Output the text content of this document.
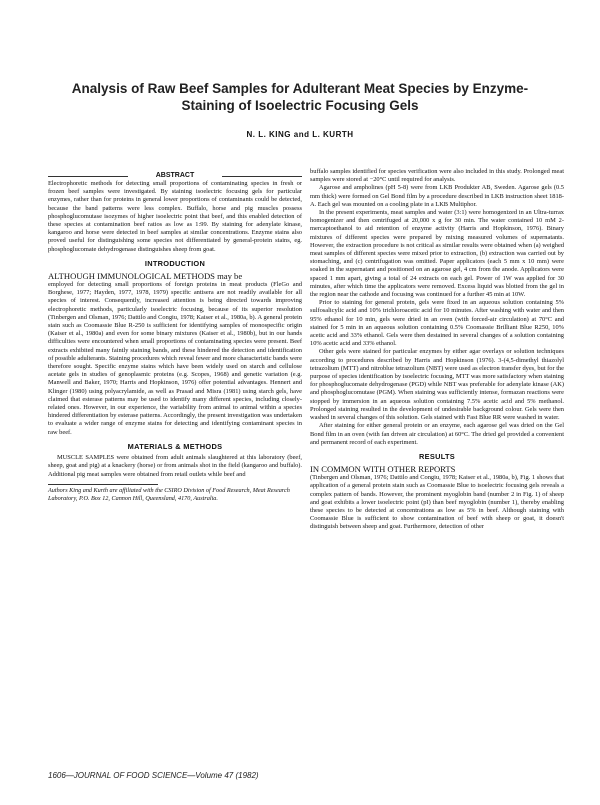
Analysis of Raw Beef Samples for Adulterant Meat Species by Enzyme-
Staining of Isoelectric Focusing Gels
N. L. KING and L. KURTH
ABSTRACT

Electrophoretic methods for detecting small proportions of contaminating species in fresh or frozen beef samples were investigated. By staining isoelectric focusing gels for particular enzymes, rather than for proteins in general lower proportions of contaminants could be detected, because the band patterns were less complex. Buffalo, horse and pig muscles possess phosphoglucomutase isozymes of higher isoelectric point that beef, and this enabled detection of these species at contamination beef ratios as low as 1:99. By staining for adenylate kinase, kangaroo and horse were detected in beef samples at similar concentrations. Enzyme stains also proved useful for distinguishing some species not differentiated by general-protein stains, eg. phosphoglucomate dehydrogenase distinguishes sheep from goat.

INTRODUCTION

ALTHOUGH IMMUNOLOGICAL METHODS may be

employed for detecting small proportions of foreign proteins in meat products (FleGo and Borghese, 1977; Hayden, 1977, 1978, 1979) specific antisera are not readily available for all species of interest. Consequently, increased attention is being directed towards improving electrophoretic methods, particularly isoelectric focusing, because of its superior resolution (Tinbergen and Olsman, 1976; Dattilo and Congiu, 1978; Kaiser et al., 1980a, b). A general protein stain such as Coomassie Blue R-250 is sufficient for identifying samples of monospecific origin (Kaiser et al., 1980a) and even for some binary mixtures (Kaiser et al., 1980b), but in our hands difficulties were encountered when small proportions of contaminating species were present. Beef extracts exhibited many faintly staining bands, and these hindered the detection and identification of possible adulterants. Staining procedures which reveal fewer and more characteristic bands were therefore sought. Specific enzyme stains which have been widely used on starch and cellulose acetate gels in studies of genoplasmic proteins (e.g. Scopes, 1968) and genetic variation (e.g. Manwell and Baker, 1970; Harris and Hopkinson, 1976) offer potential advantages. Hennert and Klinger (1980) using polyacrylamide, as well as Prasad and Misra (1981) using starch gels, have claimed that esterase patterns may be used to identify many different species, including closely-related ones. However, in our experience, the variability from animal to animal within a species hindered differentiation by esterase patterns. Accordingly, the present investigation was undertaken to evaluate a wider range of enzyme stains for detecting and identifying contaminant species in raw beef.

MATERIALS & METHODS

MUSCLE SAMPLES were obtained from adult animals slaughtered at this laboratory (beef, sheep, goat and pig) at a knackery (horse) or from animals shot in the field (kangaroo and buffalo). Additional pig meat samples were obtained from retail outlets while beef and

Authors King and Kurth are affiliated with the CSIRO Division of Food Research, Meat Research Laboratory, P.O. Box 12, Cannon Hill, Queensland, 4170, Australia.

buffalo samples identified for species verification were also included in this study. Prolonged meat samples were stored at −20°C until required for analysis.

Agarose and ampholines (pH 5-8) were from LKB Produkter AB, Sweden. Agarose gels (0.5 mm thick) were formed on Gel Bond film by a procedure described in LKB instruction sheet 1818-A. Each gel was mounted on a cooling plate in a LKB Multiphor.

In the present experiments, meat samples and water (3:1) were homogenized in an Ultra-turrax homogenizer and then centrifuged at 20,000 x g for 30 min. The water contained 10 mM 2-mercaptoethanol to aid retention of enzyme activity (Harris and Hopkinson, 1976). Binary mixtures of different species were prepared by mixing measured volumes of supernatants. However, the extraction procedure is not critical as similar results were obtained when (a) weighed meat samples of different species were mixed prior to extraction, (b) extraction was carried out by stomaching, and (c) centrifugation was omitted. Paper applicators (each 5 mm x 10 mm) were soaked in the supernatant and positioned on an agarose gel, 4 cm from the anode. Applicators were spaced 1 mm apart, giving a total of 24 extracts on each gel. Power of 1W was applied for 30 minutes, after which time the applicators were removed. Excess liquid was blotted from the gel in the region near the cathode and focusing was continued for a further 45 min at 10W.

Prior to staining for general protein, gels were fixed in an aqueous solution containing 5% sulfosalicylic acid and 10% trichloroacetic acid for 10 minutes. After washing with water and then 95% ethanol for 10 min, gels were dried in an oven (with forced-air circulation) at 70°C and stained for 5 min in an aqueous solution containing 0.5% Coomassie Brilliant Blue R250, 10% acetic acid and 33% ethanol. Gels were then destained in several changes of a solution containing 10% acetic acid and 33% ethanol.

Other gels were stained for particular enzymes by either agar overlays or solution techniques according to procedures described by Harris and Hopkinson (1976). 3-(4,5-dimethyl thiazolyl tetrazolium (MTT) and nitroblue tetrazolium (NBT) were used as electron transfer dyes, but for the purpose of species identification by isoelectric focusing, MTT was more satisfactory when staining for phosphoglucomate dehydrogenase (PGD) while NBT was preferable for adenylate kinase (AK) and phosphoglucomutase (PGM). When staining was sufficiently intense, formazan reactions were stopped by immersion in an aqueous solution containing 7.5% acetic acid and 5% methanol. Prolonged staining resulted in the development of undesirable background colour. Gels were then washed in several changes of this solution. Gels stained with Fast Blue RR were washed in water.

After staining for either general protein or an enzyme, each agarose gel was dried on the Gel Bond film in an oven (with fan driven air circulation) at 60°C. The dried gel provided a convenient and permanent record of each experiment.

RESULTS

IN COMMON WITH OTHER REPORTS

(Tinbergen and Olsman, 1976; Dattilo and Congiu, 1978; Kaiser et al., 1980a, b), Fig. 1 shows that application of a general protein stain such as Coomassie Blue to isoelectric focusing gels reveals a complex pattern of bands. However, the prominent myoglobin band (number 2 in Fig. 1) of sheep and goat exhibits a lower isoelectric point (pI) than beef myoglobin (number 1), thereby enabling these species to be detected at concentrations as low as 5% in beef. Although staining with Coomassie Blue is sufficient to show contamination of beef with sheep or goat, it doesn't distinguish between sheep and goat. Furthermore, detection of other

1606—JOURNAL OF FOOD SCIENCE—Volume 47 (1982)
